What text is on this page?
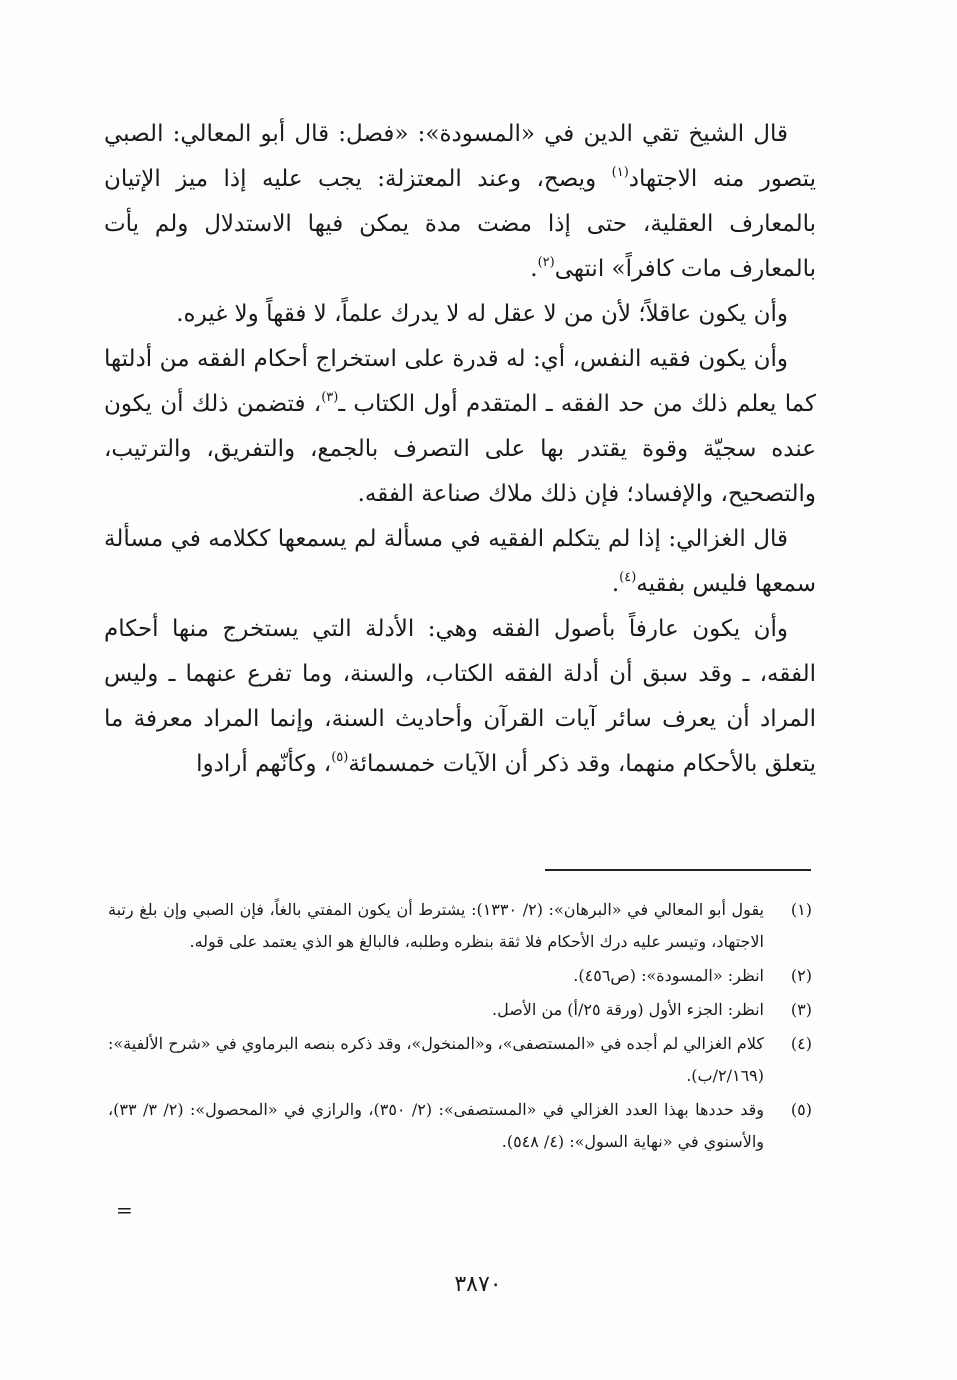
قال الشيخ تقي الدين في «المسودة»: «فصل: قال أبو المعالي: الصبي يتصور منه الاجتهاد$^{(١)}$ ويصح، وعند المعتزلة: يجب عليه إذا ميز الإتيان بالمعارف العقلية، حتى إذا مضت مدة يمكن فيها الاستدلال ولم يأت بالمعارف مات كافراً» انتهى$^{(٢)}$.

وأن يكون عاقلاً؛ لأن من لا عقل له لا يدرك علماً، لا فقهاً ولا غيره.

وأن يكون فقيه النفس، أي: له قدرة على استخراج أحكام الفقه من أدلتها كما يعلم ذلك من حد الفقه ـ المتقدم أول الكتاب ـ$^{(٣)}$، فتضمن ذلك أن يكون عنده سجيّة وقوة يقتدر بها على التصرف بالجمع، والتفريق، والترتيب، والتصحيح، والإفساد؛ فإن ذلك ملاك صناعة الفقه.

قال الغزالي: إذا لم يتكلم الفقيه في مسألة لم يسمعها ككلامه في مسألة سمعها فليس بفقيه$^{(٤)}$.

وأن يكون عارفاً بأصول الفقه وهي: الأدلة التي يستخرج منها أحكام الفقه، ـ وقد سبق أن أدلة الفقه الكتاب، والسنة، وما تفرع عنهما ـ وليس المراد أن يعرف سائر آيات القرآن وأحاديث السنة، وإنما المراد معرفة ما يتعلق بالأحكام منهما، وقد ذكر أن الآيات خمسمائة$^{(٥)}$، وكأنّهم أرادوا

(١)
يقول أبو المعالي في «البرهان»: (٢/ ١٣٣٠): يشترط أن يكون المفتي بالغاً، فإن الصبي وإن بلغ رتبة الاجتهاد، وتيسر عليه درك الأحكام فلا ثقة بنظره وطلبه، فالبالغ هو الذي يعتمد على قوله.
(٢)
انظر: «المسودة»: (ص٤٥٦).
(٣)
انظر: الجزء الأول (ورقة ٢٥/أ) من الأصل.
(٤)
كلام الغزالي لم أجده في «المستصفى»، و«المنخول»، وقد ذكره بنصه البرماوي في «شرح الألفية»: (٢/١٦٩/ب).
(٥)
وقد حددها بهذا العدد الغزالي في «المستصفى»: (٢/ ٣٥٠)، والرازي في «المحصول»: (٢/ ٣/ ٣٣)، والأسنوي في «نهاية السول»: (٤/ ٥٤٨).
=
٣٨٧٠
